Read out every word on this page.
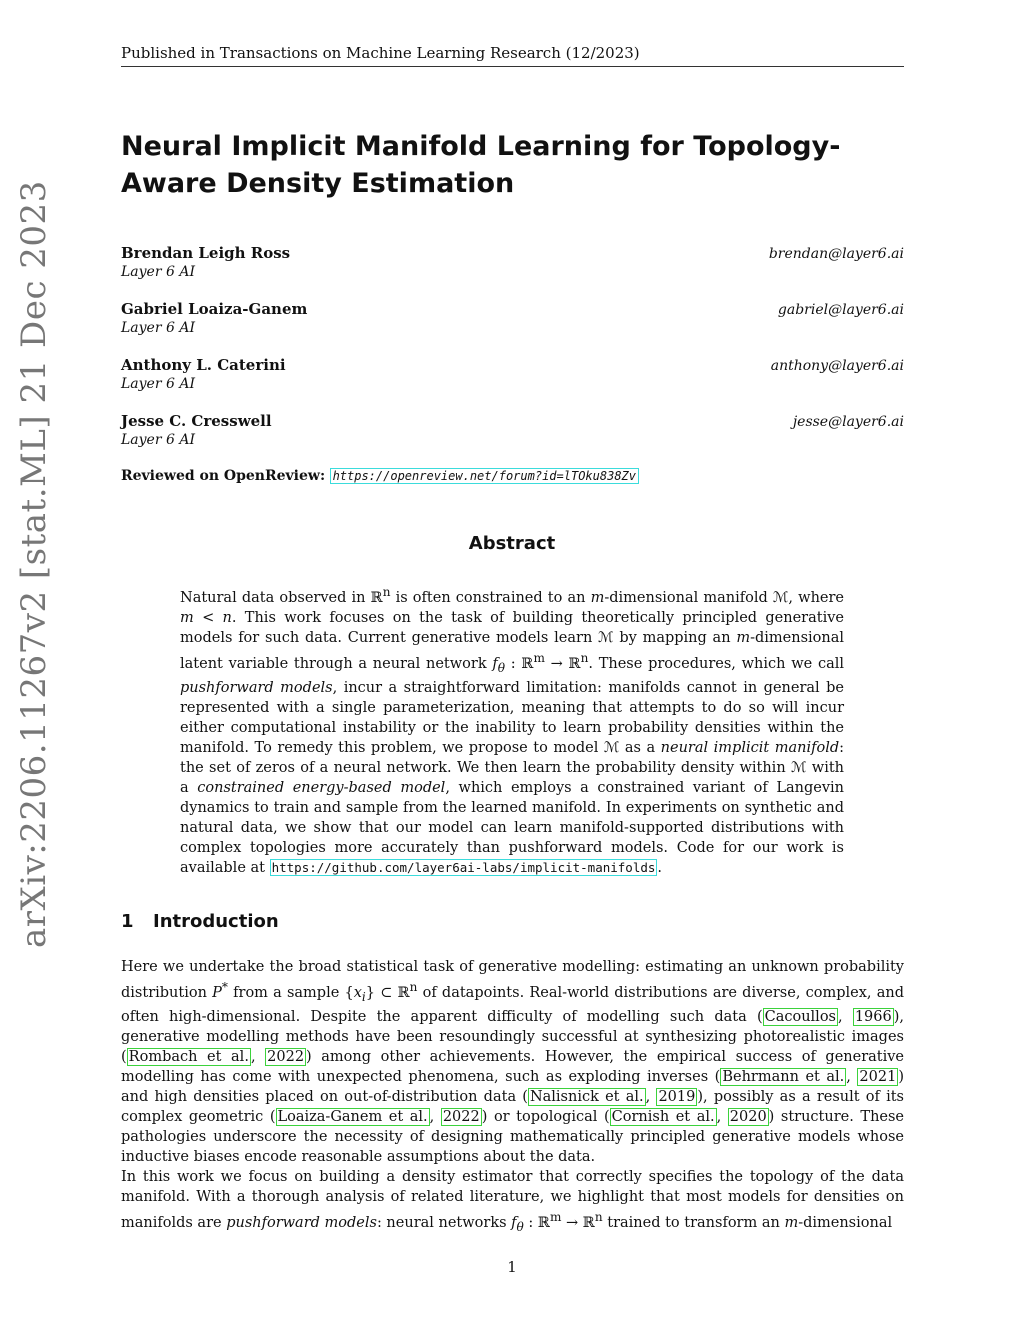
Published in Transactions on Machine Learning Research (12/2023)
arXiv:2206.11267v2 [stat.ML] 21 Dec 2023
Neural Implicit Manifold Learning for Topology-Aware Density Estimation
Brendan Leigh Ross
Layer 6 AI
brendan@layer6.ai
Gabriel Loaiza-Ganem
Layer 6 AI
gabriel@layer6.ai
Anthony L. Caterini
Layer 6 AI
anthony@layer6.ai
Jesse C. Cresswell
Layer 6 AI
jesse@layer6.ai
Reviewed on OpenReview: https://openreview.net/forum?id=lTOku838Zv
Abstract

Natural data observed in ℝ$^n$ is often constrained to an m-dimensional manifold ℳ, where m < n. This work focuses on the task of building theoretically principled generative models for such data. Current generative models learn ℳ by mapping an m-dimensional latent variable through a neural network $f_\theta$ : ℝ$^m$ → ℝ$^n$. These procedures, which we call pushforward models, incur a straightforward limitation: manifolds cannot in general be represented with a single parameterization, meaning that attempts to do so will incur either computational instability or the inability to learn probability densities within the manifold. To remedy this problem, we propose to model ℳ as a neural implicit manifold: the set of zeros of a neural network. We then learn the probability density within ℳ with a constrained energy-based model, which employs a constrained variant of Langevin dynamics to train and sample from the learned manifold. In experiments on synthetic and natural data, we show that our model can learn manifold-supported distributions with complex topologies more accurately than pushforward models. Code for our work is available at https://github.com/layer6ai-labs/implicit-manifolds .

1 Introduction

Here we undertake the broad statistical task of generative modelling: estimating an unknown probability distribution P* from a sample $\{x_i\}$ ⊂ ℝ$^n$ of datapoints. Real-world distributions are diverse, complex, and often high-dimensional. Despite the apparent difficulty of modelling such data ( Cacoullos , 1966 ), generative modelling methods have been resoundingly successful at synthesizing photorealistic images ( Rombach et al. , 2022 ) among other achievements. However, the empirical success of generative modelling has come with unexpected phenomena, such as exploding inverses ( Behrmann et al. , 2021 ) and high densities placed on out-of-distribution data ( Nalisnick et al. , 2019 ), possibly as a result of its complex geometric ( Loaiza-Ganem et al. , 2022 ) or topological ( Cornish et al. , 2020 ) structure. These pathologies underscore the necessity of designing mathematically principled generative models whose inductive biases encode reasonable assumptions about the data.

In this work we focus on building a density estimator that correctly specifies the topology of the data manifold. With a thorough analysis of related literature, we highlight that most models for densities on manifolds are pushforward models: neural networks $f_\theta$ : ℝ$^m$ → ℝ$^n$ trained to transform an m-dimensional

1
